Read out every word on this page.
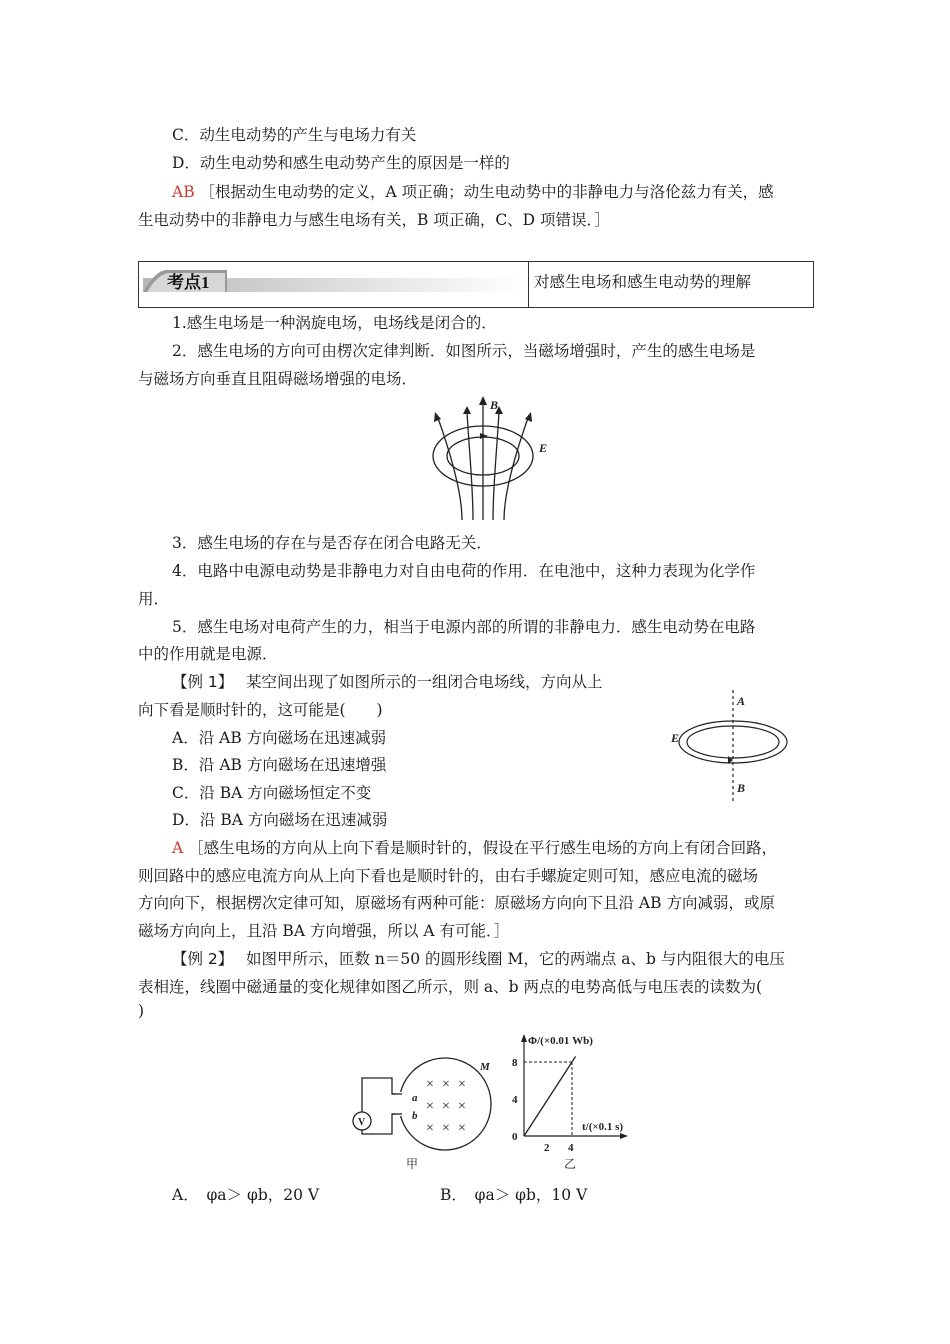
C．动生电动势的产生与电场力有关
D．动生电动势和感生电动势产生的原因是一样的
AB ［根据动生电动势的定义，A 项正确；动生电动势中的非静电力与洛伦兹力有关，感
生电动势中的非静电力与感生电场有关，B 项正确，C、D 项错误．］
考点1	对感生电场和感生电动势的理解
1.感生电场是一种涡旋电场，电场线是闭合的．
2．感生电场的方向可由楞次定律判断．如图所示，当磁场增强时，产生的感生电场是
与磁场方向垂直且阻碍磁场增强的电场．
B
E
3．感生电场的存在与是否存在闭合电路无关．
4．电路中电源电动势是非静电力对自由电荷的作用．在电池中，这种力表现为化学作
用．
5．感生电场对电荷产生的力，相当于电源内部的所谓的非静电力．感生电动势在电路
中的作用就是电源．
【例 1】　 某空间出现了如图所示的一组闭合电场线，方向从上
向下看是顺时针的，这可能是(　　)
A．沿 AB 方向磁场在迅速减弱
B．沿 AB 方向磁场在迅速增强
C．沿 BA 方向磁场恒定不变
D．沿 BA 方向磁场在迅速减弱
A
B
E
A ［感生电场的方向从上向下看是顺时针的，假设在平行感生电场的方向上有闭合回路，
则回路中的感应电流方向从上向下看也是顺时针的，由右手螺旋定则可知，感应电流的磁场
方向向下，根据楞次定律可知，原磁场有两种可能：原磁场方向向下且沿 AB 方向减弱，或原
磁场方向向上，且沿 BA 方向增强，所以 A 有可能．］
【例 2】　 如图甲所示，匝数 n＝50 的圆形线圈 M，它的两端点 a、b 与内阻很大的电压
表相连，线圈中磁通量的变化规律如图乙所示，则 a、b 两点的电势高低与电压表的读数为(
)
× × ×
× × ×
× × ×
V
a
b
M
甲
Φ/(×0.01 Wb)
t/(×0.1 s)
0
2 4
4
8
乙
A．　φa＞ φb，20 V	B．　φa＞ φb，10 V
